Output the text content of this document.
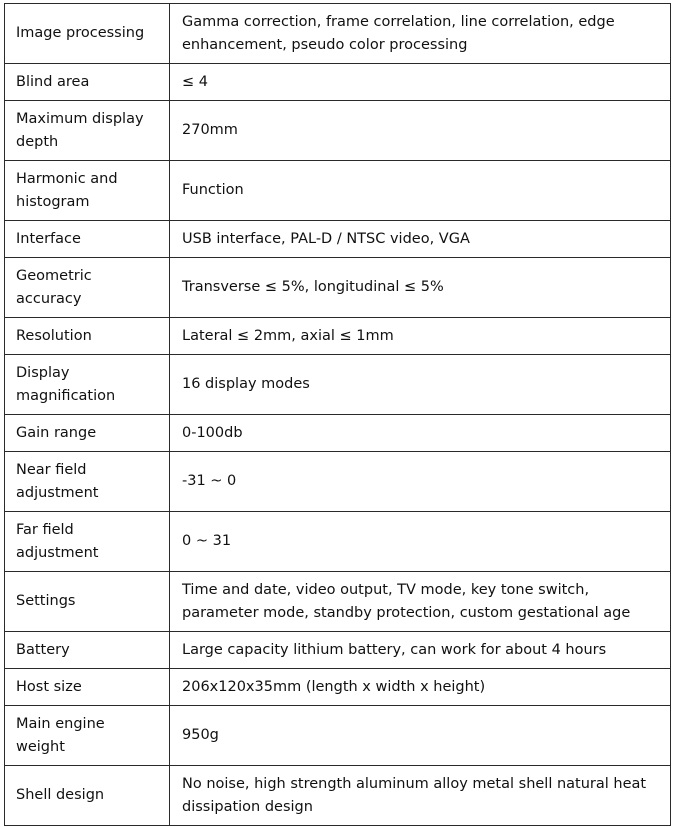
Image processing	Gamma correction, frame correlation, line correlation, edge enhancement, pseudo color processing
Blind area	≤ 4
Maximum display depth	270mm
Harmonic and histogram	Function
Interface	USB interface, PAL-D / NTSC video, VGA
Geometric accuracy	Transverse ≤ 5%, longitudinal ≤ 5%
Resolution	Lateral ≤ 2mm, axial ≤ 1mm
Display magnification	16 display modes
Gain range	0-100db
Near field adjustment	-31 ~ 0
Far field adjustment	0 ~ 31
Settings	Time and date, video output, TV mode, key tone switch, parameter mode, standby protection, custom gestational age
Battery	Large capacity lithium battery, can work for about 4 hours
Host size	206x120x35mm (length x width x height)
Main engine weight	950g
Shell design	No noise, high strength aluminum alloy metal shell natural heat dissipation design
